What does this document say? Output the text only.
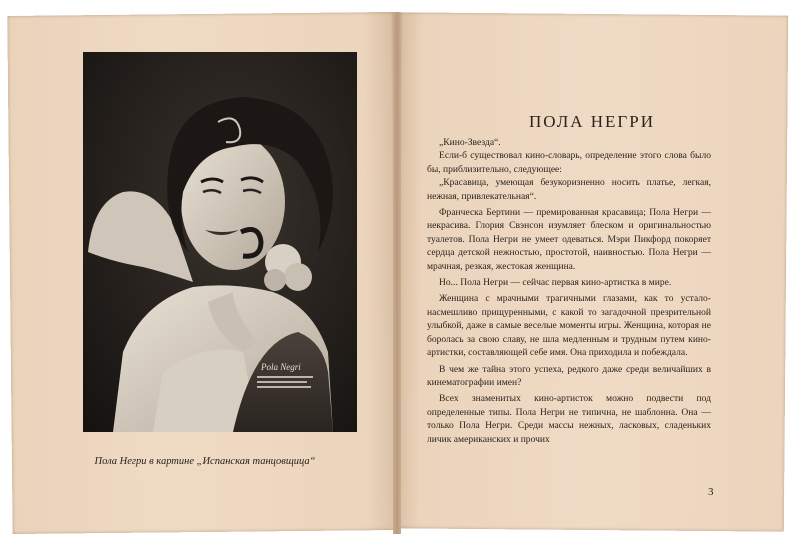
Pola Negri
Пола Негри в картине „Испанская танцовщица“
ПОЛА НЕГРИ

„Кино-Звезда“.

Если-б существовал кино-словарь, определение этого слова было бы, приблизительно, следующее:

„Красавица, умеющая безукоризненно носить платье, легкая, нежная, привлекательная“.

Франческа Бертини — премированная красавица; Пола Негри — некрасива. Глория Свэнсон изумляет блеском и оригинальностью туалетов. Пола Негри не умеет одеваться. Мэри Пикфорд покоряет сердца детской нежностью, простотой, наивностью. Пола Негри — мрачная, резкая, жестокая женщина.

Но... Пола Негри — сейчас первая кино-артистка в мире.

Женщина с мрачными трагичными глазами, как то устало-насмешливо прищуренными, с какой то загадочной презрительной улыбкой, даже в самые веселые моменты игры. Женщина, которая не боролась за свою славу, не шла медленным и трудным путем кино-артистки, составляющей себе имя. Она приходила и побеждала.

В чем же тайна этого успеха, редкого даже среди величайших в кинематографии имен?

Всех знаменитых кино-артисток можно подвести под определенные типы. Пола Негри не типична, не шаблонна. Она — только Пола Негри. Среди массы нежных, ласковых, сладеньких личик американских и прочих

3
